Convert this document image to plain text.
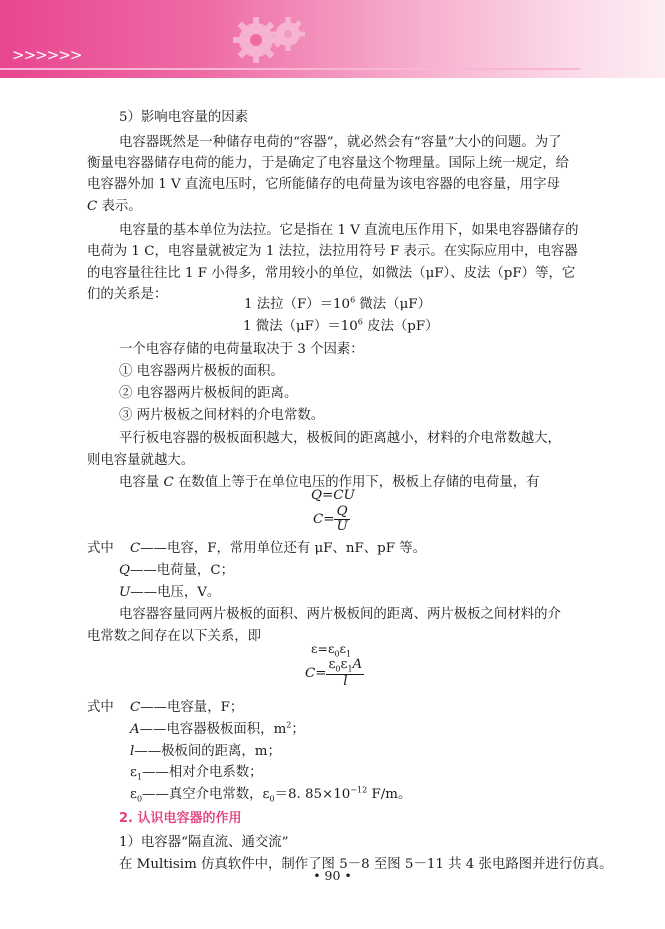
>>>>>>
5）影响电容量的因素
电容器既然是一种储存电荷的“容器”，就必然会有“容量”大小的问题。为了
衡量电容器储存电荷的能力，于是确定了电容量这个物理量。国际上统一规定，给
电容器外加 1 V 直流电压时，它所能储存的电荷量为该电容器的电容量，用字母
C 表示。
电容量的基本单位为法拉。它是指在 1 V 直流电压作用下，如果电容器储存的
电荷为 1 C，电容量就被定为 1 法拉，法拉用符号 F 表示。在实际应用中，电容器
的电容量往往比 1 F 小得多，常用较小的单位，如微法（μF）、皮法（pF）等，它
们的关系是：
1 法拉$(F)=10^6$ 微法（μF）
1 微法$(\mu F)=10^6$ 皮法（pF）
一个电容存储的电荷量取决于 3 个因素：
① 电容器两片极板的面积。
② 电容器两片极板间的距离。
③ 两片极板之间材料的介电常数。
平行板电容器的极板面积越大，极板间的距离越小，材料的介电常数越大，
则电容量就越大。
电容量 C 在数值上等于在单位电压的作用下，极板上存储的电荷量，有
Q=CU
$C= \frac{Q}{U}$
式中 C——电容，F，常用单位还有 μF、nF、pF 等。
Q——电荷量，C；
U——电压，V。
电容器容量同两片极板的面积、两片极板间的距离、两片极板之间材料的介
电常数之间存在以下关系，即
$\varepsilon=\varepsilon_0\varepsilon_1$
$C= \frac{\varepsilon_0\varepsilon_1A}{l}$
式中 C——电容量，F；
A——电容器极板面积，$m^2$；
l——极板间的距离，m；
$\varepsilon_1——$相对介电系数；
$\varepsilon_0——$真空介电常数，$\varepsilon_0=8$. $85\times 10^{-12}$ F/m。
2. 认识电容器的作用
1）电容器“隔直流、通交流”
在 Multisim 仿真软件中，制作了图 5－8 至图 5－11 共 4 张电路图并进行仿真。
• 90 •
